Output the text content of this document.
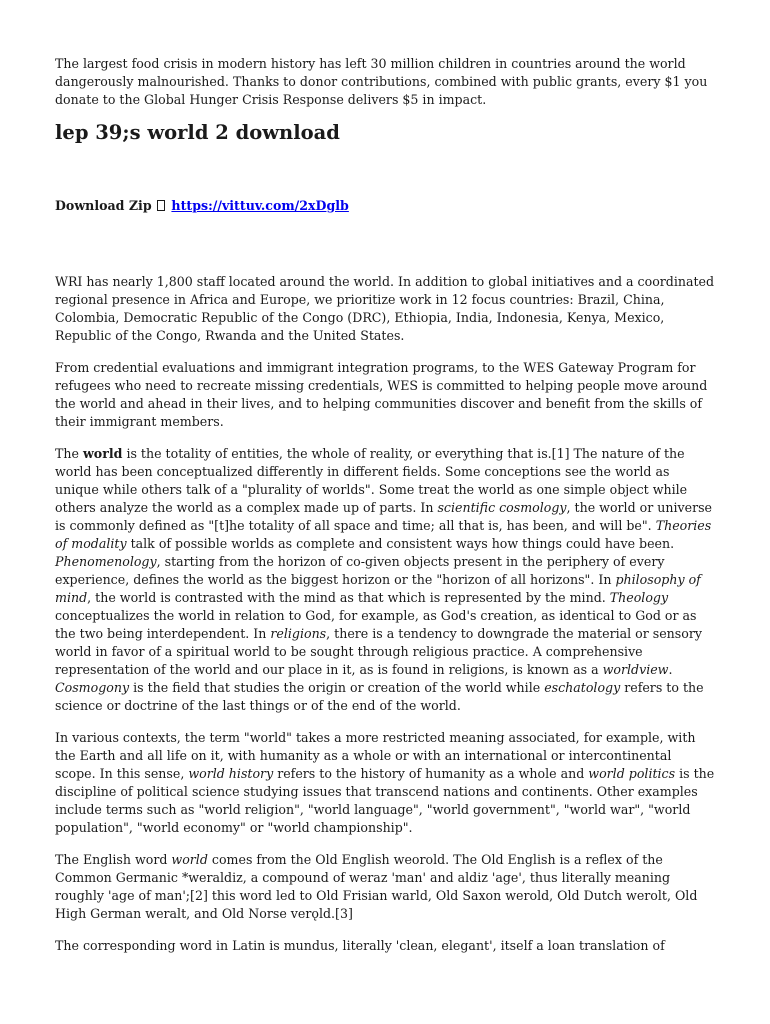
The largest food crisis in modern history has left 30 million children in countries around the world dangerously malnourished. Thanks to donor contributions, combined with public grants, every $1 you donate to the Global Hunger Crisis Response delivers $5 in impact.

lep 39;s world 2 download
Download Zip https://vittuv.com/2xDglb

WRI has nearly 1,800 staff located around the world. In addition to global initiatives and a coordinated regional presence in Africa and Europe, we prioritize work in 12 focus countries: Brazil, China, Colombia, Democratic Republic of the Congo (DRC), Ethiopia, India, Indonesia, Kenya, Mexico, Republic of the Congo, Rwanda and the United States.

From credential evaluations and immigrant integration programs, to the WES Gateway Program for refugees who need to recreate missing credentials, WES is committed to helping people move around the world and ahead in their lives, and to helping communities discover and benefit from the skills of their immigrant members.

The world is the totality of entities, the whole of reality, or everything that is.[1] The nature of the world has been conceptualized differently in different fields. Some conceptions see the world as unique while others talk of a "plurality of worlds". Some treat the world as one simple object while others analyze the world as a complex made up of parts. In scientific cosmology, the world or universe is commonly defined as "[t]he totality of all space and time; all that is, has been, and will be". Theories of modality talk of possible worlds as complete and consistent ways how things could have been. Phenomenology, starting from the horizon of co-given objects present in the periphery of every experience, defines the world as the biggest horizon or the "horizon of all horizons". In philosophy of mind, the world is contrasted with the mind as that which is represented by the mind. Theology conceptualizes the world in relation to God, for example, as God's creation, as identical to God or as the two being interdependent. In religions, there is a tendency to downgrade the material or sensory world in favor of a spiritual world to be sought through religious practice. A comprehensive representation of the world and our place in it, as is found in religions, is known as a worldview. Cosmogony is the field that studies the origin or creation of the world while eschatology refers to the science or doctrine of the last things or of the end of the world.

In various contexts, the term "world" takes a more restricted meaning associated, for example, with the Earth and all life on it, with humanity as a whole or with an international or intercontinental scope. In this sense, world history refers to the history of humanity as a whole and world politics is the discipline of political science studying issues that transcend nations and continents. Other examples include terms such as "world religion", "world language", "world government", "world war", "world population", "world economy" or "world championship".

The English word world comes from the Old English weorold. The Old English is a reflex of the Common Germanic *weraldiz, a compound of weraz 'man' and aldiz 'age', thus literally meaning roughly 'age of man';[2] this word led to Old Frisian warld, Old Saxon werold, Old Dutch werolt, Old High German weralt, and Old Norse verǫld.[3]

The corresponding word in Latin is mundus, literally 'clean, elegant', itself a loan translation of
